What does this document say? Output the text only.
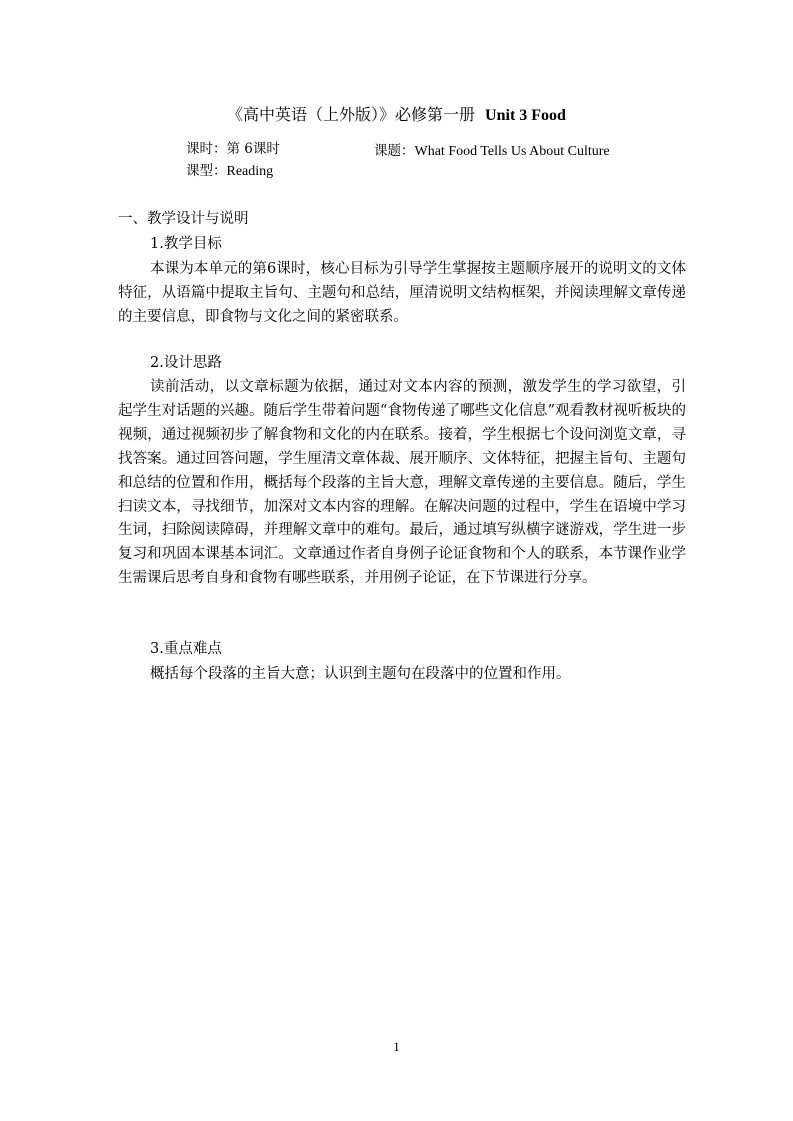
《高中英语（上外版）》必修第一册 Unit 3 Food
课时：第 6课时	课题：What Food Tells Us About Culture
课型：Reading
一、教学设计与说明
1.教学目标

本课为本单元的第6课时，核心目标为引导学生掌握按主题顺序展开的说明文的文体特征，从语篇中提取主旨句、主题句和总结，厘清说明文结构框架，并阅读理解文章传递的主要信息，即食物与文化之间的紧密联系。

2.设计思路

读前活动，以文章标题为依据，通过对文本内容的预测，激发学生的学习欲望，引起学生对话题的兴趣。随后学生带着问题“食物传递了哪些文化信息”观看教材视听板块的视频，通过视频初步了解食物和文化的内在联系。接着，学生根据七个设问浏览文章，寻找答案。通过回答问题，学生厘清文章体裁、展开顺序、文体特征，把握主旨句、主题句和总结的位置和作用，概括每个段落的主旨大意，理解文章传递的主要信息。随后，学生扫读文本，寻找细节，加深对文本内容的理解。在解决问题的过程中，学生在语境中学习生词，扫除阅读障碍，并理解文章中的难句。最后，通过填写纵横字谜游戏，学生进一步复习和巩固本课基本词汇。文章通过作者自身例子论证食物和个人的联系，本节课作业学生需课后思考自身和食物有哪些联系，并用例子论证，在下节课进行分享。

3.重点难点

概括每个段落的主旨大意；认识到主题句在段落中的位置和作用。

1
